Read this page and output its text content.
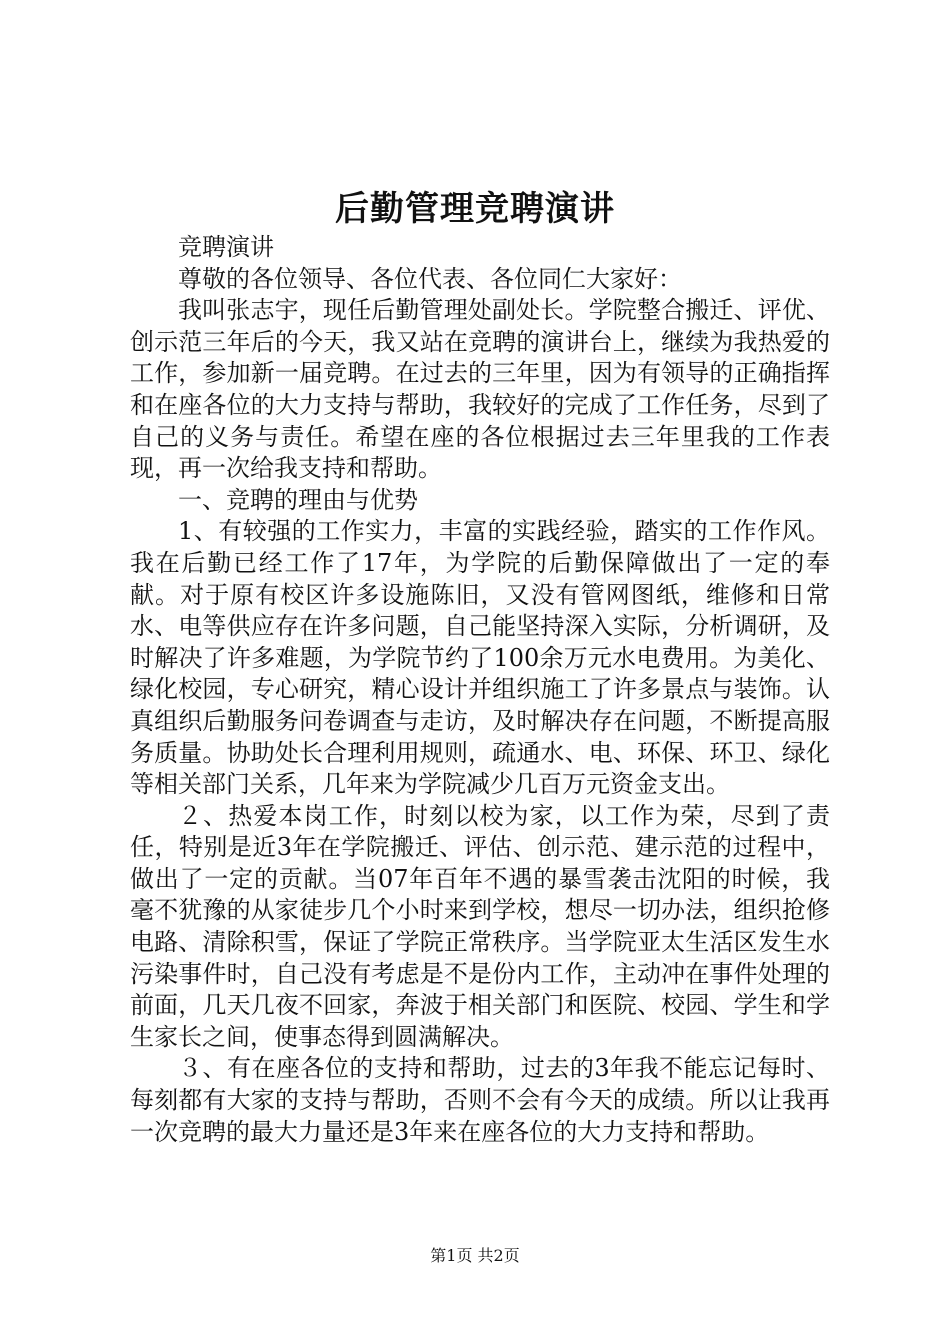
后勤管理竞聘演讲

竞聘演讲

尊敬的各位领导、各位代表、各位同仁大家好：

我叫张志宇，现任后勤管理处副处长。学院整合搬迁、评优、创示范三年后的今天，我又站在竞聘的演讲台上，继续为我热爱的工作，参加新一届竞聘。在过去的三年里，因为有领导的正确指挥和在座各位的大力支持与帮助，我较好的完成了工作任务，尽到了自己的义务与责任。希望在座的各位根据过去三年里我的工作表现，再一次给我支持和帮助。

一、竞聘的理由与优势

1、有较强的工作实力，丰富的实践经验，踏实的工作作风。我在后勤已经工作了17年，为学院的后勤保障做出了一定的奉献。对于原有校区许多设施陈旧，又没有管网图纸，维修和日常水、电等供应存在许多问题，自己能坚持深入实际，分析调研，及时解决了许多难题，为学院节约了100余万元水电费用。为美化、绿化校园，专心研究，精心设计并组织施工了许多景点与装饰。认真组织后勤服务问卷调查与走访，及时解决存在问题，不断提高服务质量。协助处长合理利用规则，疏通水、电、环保、环卫、绿化等相关部门关系，几年来为学院减少几百万元资金支出。

２、热爱本岗工作，时刻以校为家，以工作为荣，尽到了责任，特别是近3年在学院搬迁、评估、创示范、建示范的过程中，做出了一定的贡献。当07年百年不遇的暴雪袭击沈阳的时候，我毫不犹豫的从家徒步几个小时来到学校，想尽一切办法，组织抢修电路、清除积雪，保证了学院正常秩序。当学院亚太生活区发生水污染事件时，自己没有考虑是不是份内工作，主动冲在事件处理的前面，几天几夜不回家，奔波于相关部门和医院、校园、学生和学生家长之间，使事态得到圆满解决。

３、有在座各位的支持和帮助，过去的3年我不能忘记每时、每刻都有大家的支持与帮助，否则不会有今天的成绩。所以让我再一次竞聘的最大力量还是3年来在座各位的大力支持和帮助。

第1页 共2页
